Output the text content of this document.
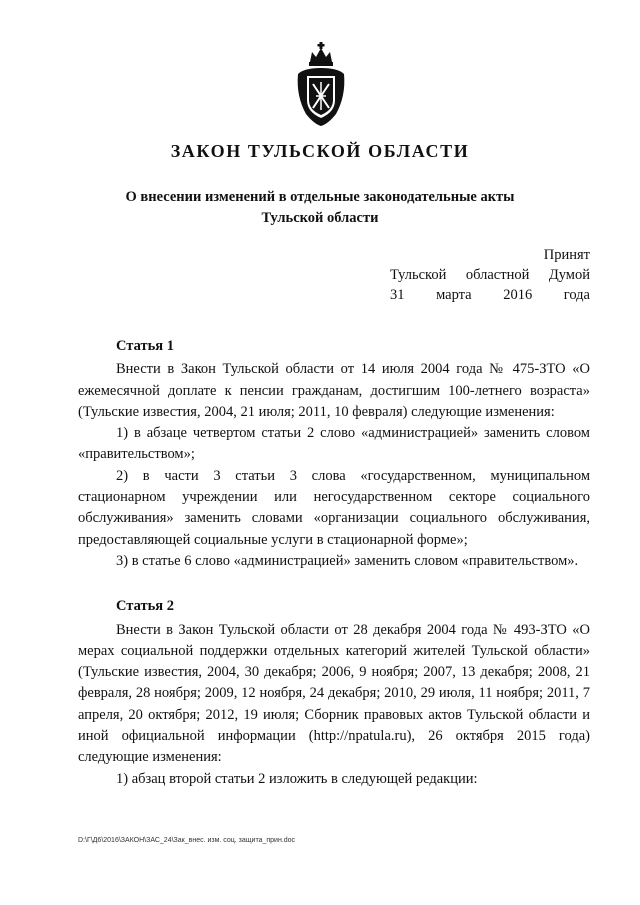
ЗАКОН ТУЛЬСКОЙ ОБЛАСТИ
О внесении изменений в отдельные законодательные акты
Тульской области
Принят
Тульской областной Думой
31 марта 2016 года
Статья 1

Внести в Закон Тульской области от 14 июля 2004 года № 475-ЗТО «О ежемесячной доплате к пенсии гражданам, достигшим 100-летнего возраста» (Тульские известия, 2004, 21 июля; 2011, 10 февраля) следующие изменения:

1) в абзаце четвертом статьи 2 слово «администрацией» заменить словом «правительством»;

2) в части 3 статьи 3 слова «государственном, муниципальном стационарном учреждении или негосударственном секторе социального обслуживания» заменить словами «организации социального обслуживания, предоставляющей социальные услуги в стационарной форме»;

3) в статье 6 слово «администрацией» заменить словом «правительством».

Статья 2

Внести в Закон Тульской области от 28 декабря 2004 года № 493-ЗТО «О мерах социальной поддержки отдельных категорий жителей Тульской области» (Тульские известия, 2004, 30 декабря; 2006, 9 ноября; 2007, 13 декабря; 2008, 21 февраля, 28 ноября; 2009, 12 ноября, 24 декабря; 2010, 29 июля, 11 ноября; 2011, 7 апреля, 20 октября; 2012, 19 июля; Сборник правовых актов Тульской области и иной официальной информации (http://npatula.ru), 26 октября 2015 года) следующие изменения:

1) абзац второй статьи 2 изложить в следующей редакции:

D:\Г\Д6\2016\ЗАКОН\ЗАС_24\Зак_внес. изм. соц. защита_прин.doc
